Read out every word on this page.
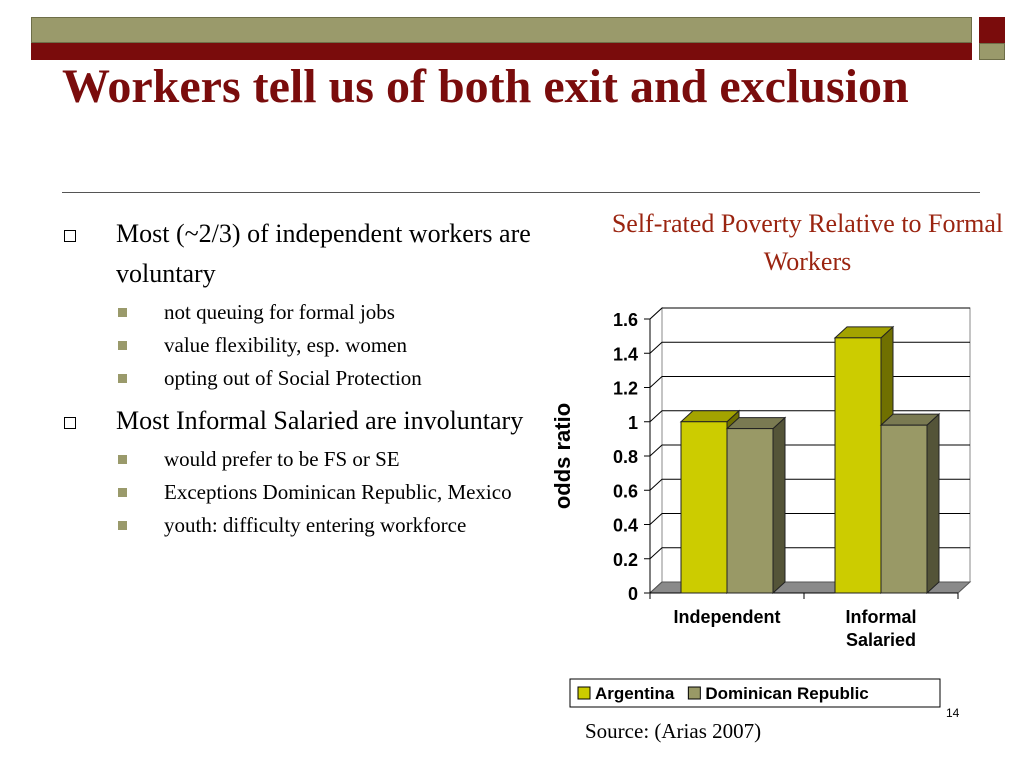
Workers tell us of both exit and exclusion
Most (~2/3) of independent workers are voluntary
not queuing for formal jobs
value flexibility, esp. women
opting out of Social Protection
Most Informal Salaried are involuntary
would prefer to be FS or SE
Exceptions Dominican Republic, Mexico
youth: difficulty entering workforce
Self-rated Poverty Relative to Formal Workers
0
0.2
0.4
0.6
0.8
1
1.2
1.4
1.6
odds ratio
Independent	Informal
Salaried
Argentina Dominican Republic
Source: (Arias 2007)
14
